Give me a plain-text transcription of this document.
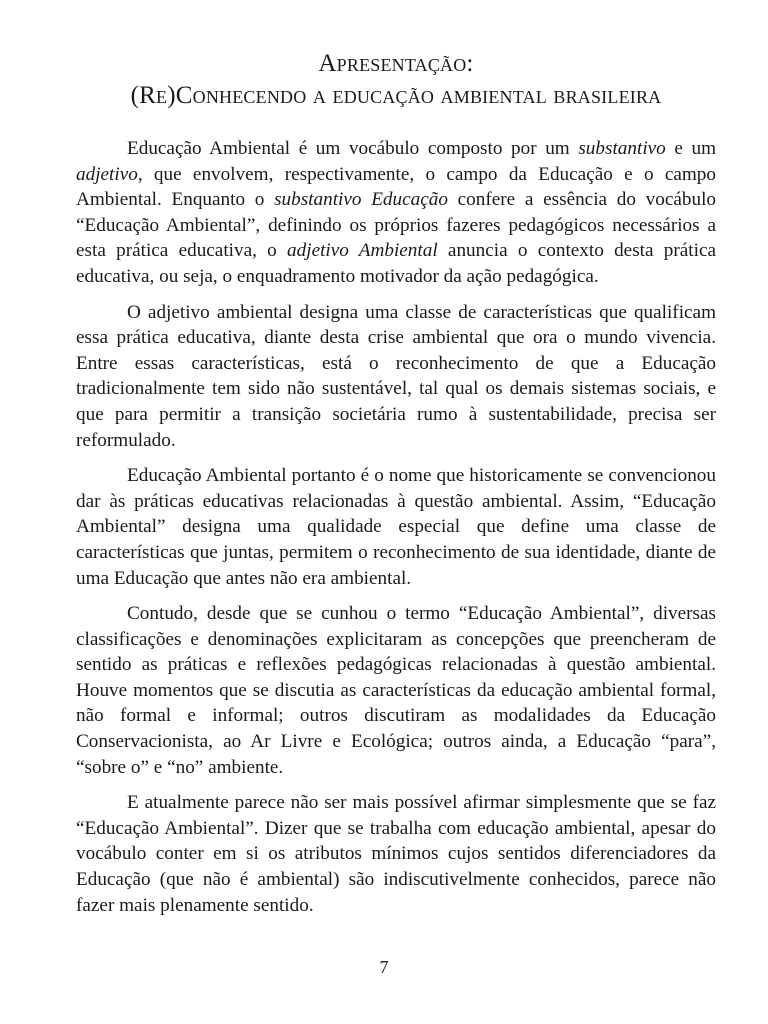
Apresentação:
(Re)Conhecendo a educação ambiental brasileira

Educação Ambiental é um vocábulo composto por um substantivo e um adjetivo, que envolvem, respectivamente, o campo da Educação e o campo Ambiental. Enquanto o substantivo Educação confere a essência do vocábulo “Educação Ambiental”, definindo os próprios fazeres pedagógicos necessários a esta prática educativa, o adjetivo Ambiental anuncia o contexto desta prática educativa, ou seja, o enquadramento motivador da ação pedagógica.

O adjetivo ambiental designa uma classe de características que qualificam essa prática educativa, diante desta crise ambiental que ora o mundo vivencia. Entre essas características, está o reconhecimento de que a Educação tradicionalmente tem sido não sustentável, tal qual os demais sistemas sociais, e que para permitir a transição societária rumo à sustentabilidade, precisa ser reformulado.

Educação Ambiental portanto é o nome que historicamente se convencionou dar às práticas educativas relacionadas à questão ambiental. Assim, “Educação Ambiental” designa uma qualidade especial que define uma classe de características que juntas, permitem o reconhecimento de sua identidade, diante de uma Educação que antes não era ambiental.

Contudo, desde que se cunhou o termo “Educação Ambiental”, diversas classificações e denominações explicitaram as concepções que preencheram de sentido as práticas e reflexões pedagógicas relacionadas à questão ambiental. Houve momentos que se discutia as características da educação ambiental formal, não formal e informal; outros discutiram as modalidades da Educação Conservacionista, ao Ar Livre e Ecológica; outros ainda, a Educação “para”, “sobre o” e “no” ambiente.

E atualmente parece não ser mais possível afirmar simplesmente que se faz “Educação Ambiental”. Dizer que se trabalha com educação ambiental, apesar do vocábulo conter em si os atributos mínimos cujos sentidos diferenciadores da Educação (que não é ambiental) são indiscutivelmente conhecidos, parece não fazer mais plenamente sentido.

7
